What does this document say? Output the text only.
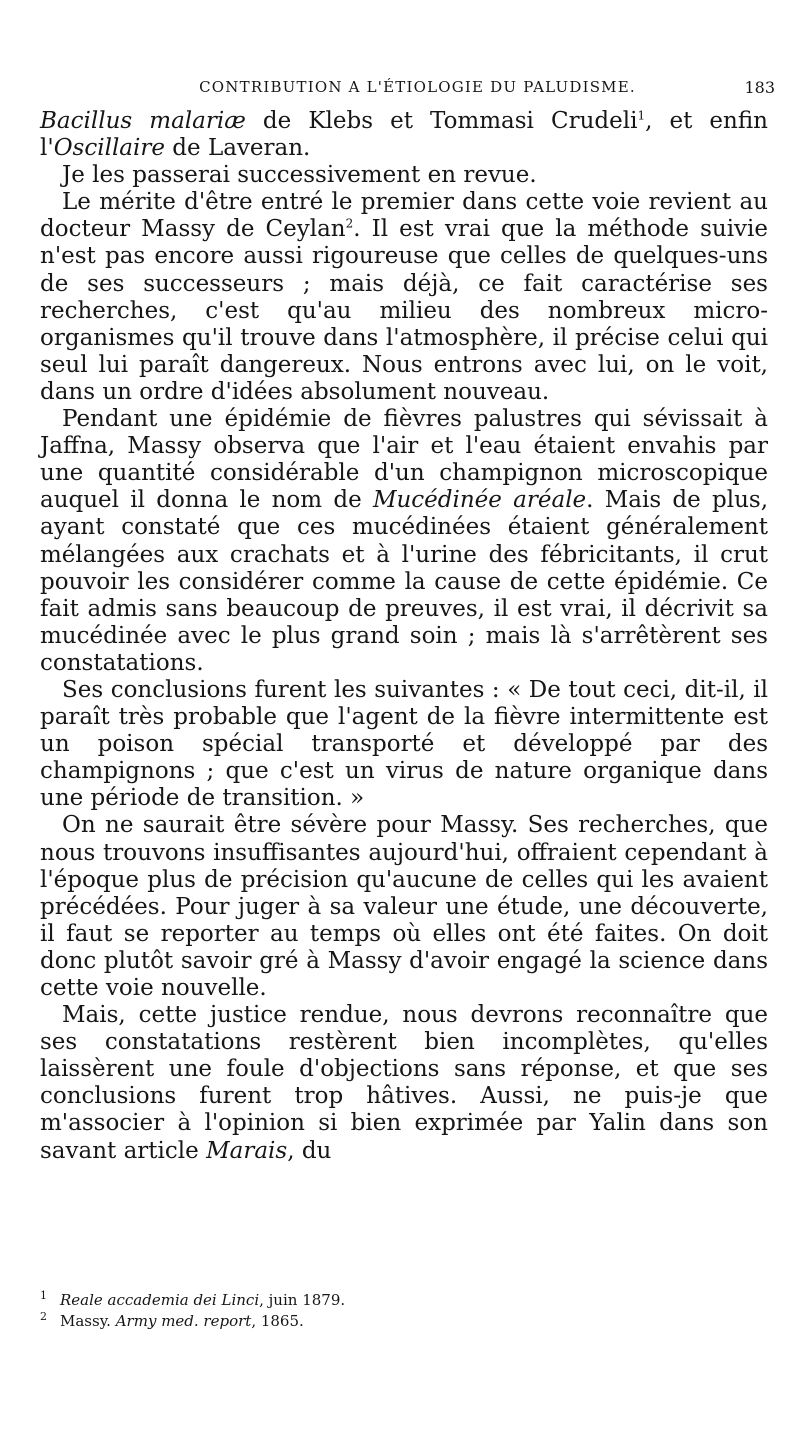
CONTRIBUTION A L'ÉTIOLOGIE DU PALUDISME.	183

Bacillus malariæ de Klebs et Tommasi Crudeli$^1$, et enfin l'Oscillaire de Laveran.

Je les passerai successivement en revue.

Le mérite d'être entré le premier dans cette voie revient au docteur Massy de Ceylan$^2$. Il est vrai que la méthode suivie n'est pas encore aussi rigoureuse que celles de quelques-uns de ses successeurs ; mais déjà, ce fait caractérise ses recherches, c'est qu'au milieu des nombreux micro-organismes qu'il trouve dans l'atmosphère, il précise celui qui seul lui paraît dangereux. Nous entrons avec lui, on le voit, dans un ordre d'idées absolument nouveau.

Pendant une épidémie de fièvres palustres qui sévissait à Jaffna, Massy observa que l'air et l'eau étaient envahis par une quantité considérable d'un champignon microscopique auquel il donna le nom de Mucédinée aréale. Mais de plus, ayant constaté que ces mucédinées étaient généralement mélangées aux crachats et à l'urine des fébricitants, il crut pouvoir les considérer comme la cause de cette épidémie. Ce fait admis sans beaucoup de preuves, il est vrai, il décrivit sa mucédinée avec le plus grand soin ; mais là s'arrêtèrent ses constatations.

Ses conclusions furent les suivantes : « De tout ceci, dit-il, il paraît très probable que l'agent de la fièvre intermittente est un poison spécial transporté et développé par des champignons ; que c'est un virus de nature organique dans une période de transition. »

On ne saurait être sévère pour Massy. Ses recherches, que nous trouvons insuffisantes aujourd'hui, offraient cependant à l'époque plus de précision qu'aucune de celles qui les avaient précédées. Pour juger à sa valeur une étude, une découverte, il faut se reporter au temps où elles ont été faites. On doit donc plutôt savoir gré à Massy d'avoir engagé la science dans cette voie nouvelle.

Mais, cette justice rendue, nous devrons reconnaître que ses constatations restèrent bien incomplètes, qu'elles laissèrent une foule d'objections sans réponse, et que ses conclusions furent trop hâtives. Aussi, ne puis-je que m'associer à l'opinion si bien exprimée par Yalin dans son savant article Marais, du

1 Reale accademia dei Linci, juin 1879.
2 Massy. Army med. report, 1865.
